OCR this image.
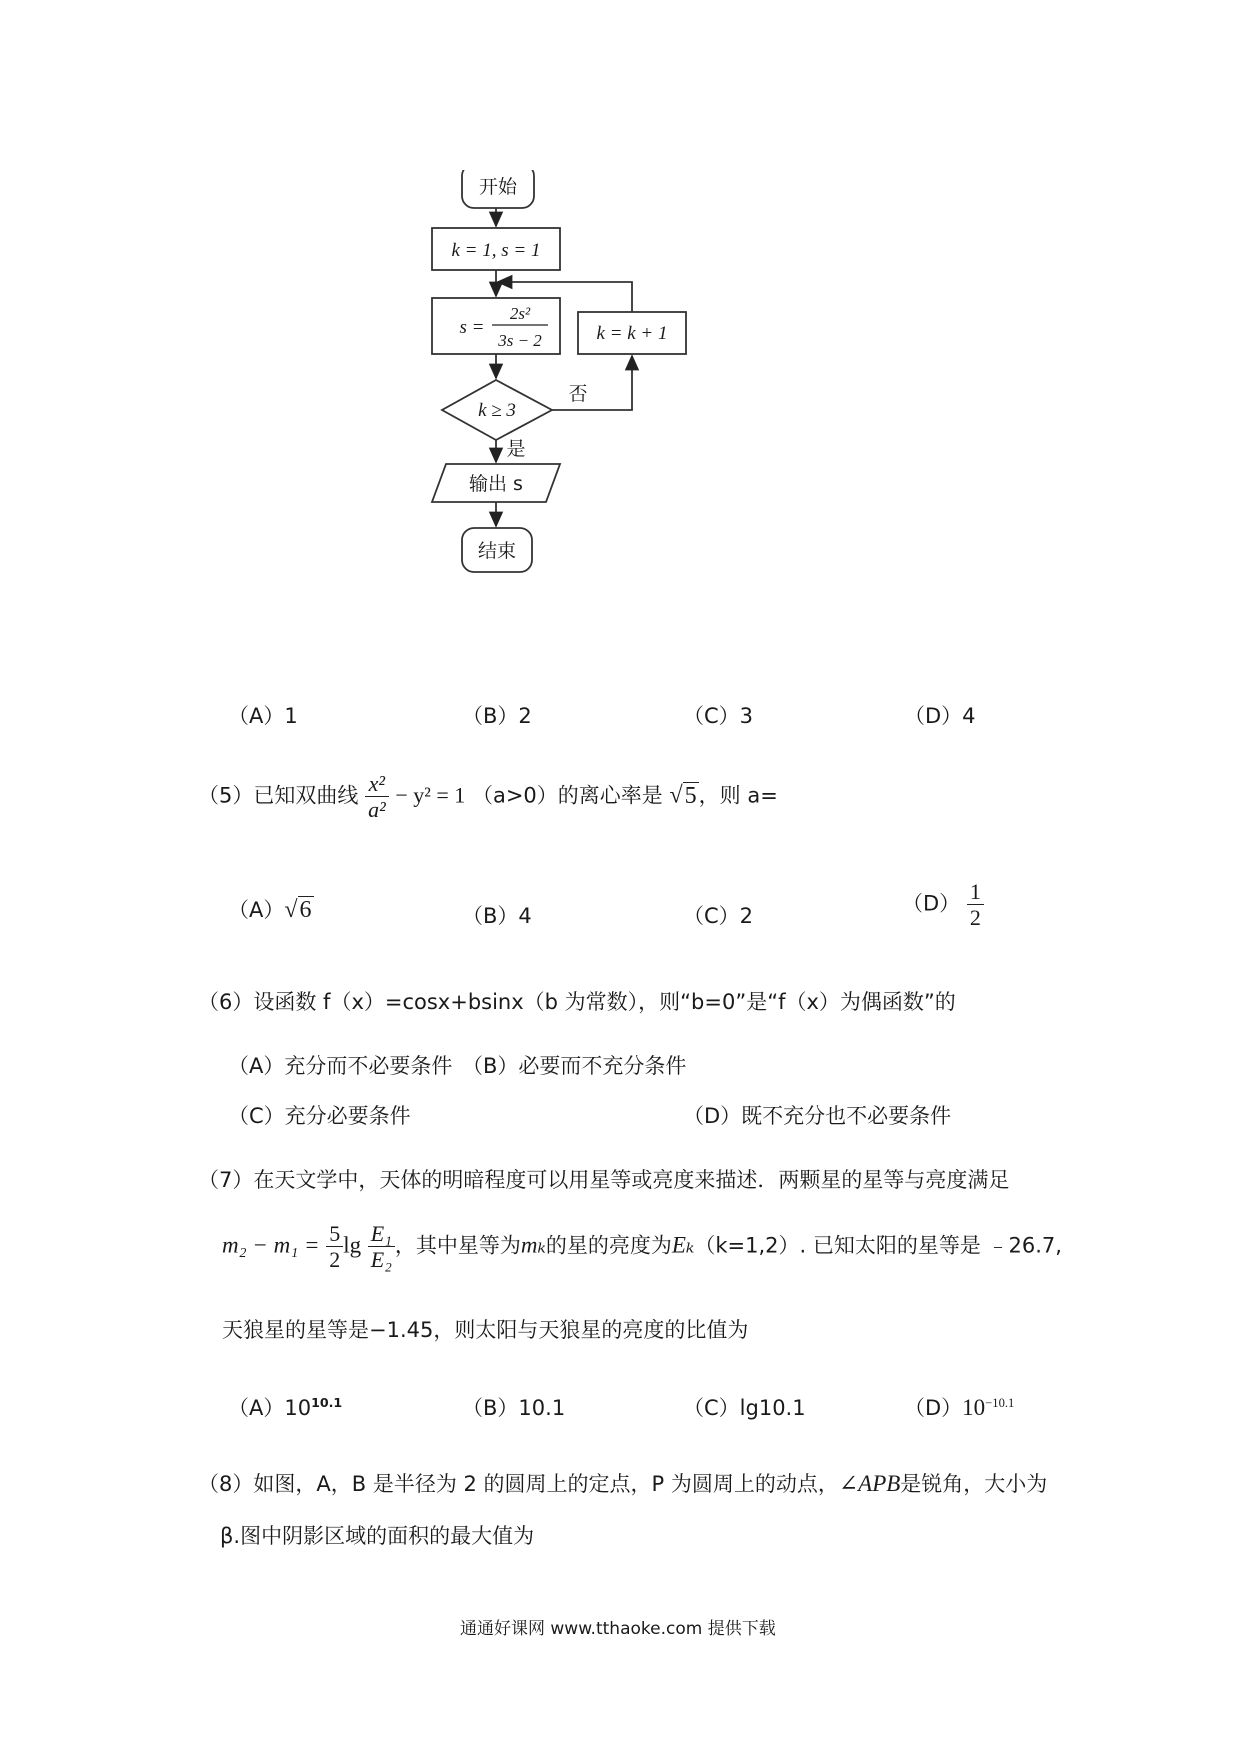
开始
k = 1, s = 1
s =
2s²
3s − 2	k = k + 1
k ≥ 3
否
是
输出 s
结束
（A）1	（B）2	（C）3	（D）4
（5）已知双曲线 $\frac{\text{x²}}{\text{a²}} - y^2 = 1$ （a>0）的离心率是 √5，则 a=
（A）√6	（B）4	（C）2
$(D) \frac{1}{2}$
（6）设函数 f（x）=cosx+bsinx（b 为常数），则“b=0”是“f（x）为偶函数”的
（A）充分而不必要条件 （B）必要而不充分条件
（C）充分必要条件	（D）既不充分也不必要条件
（7）在天文学中，天体的明暗程度可以用星等或亮度来描述．两颗星的星等与亮度满足
$m_2 - m_1 = \frac{5}{2}$ $\lg \frac{\text{E₁}}{\text{E₂}}$ ，其中星等为mₖ的星的亮度为Eₖ（k=1,2）. 已知太阳的星等是 ﹣26.7,
天狼星的星等是−1.45，则太阳与天狼星的亮度的比值为
$(A)10^{10.1}$	（B）10.1	（C）lg10.1	$(D)10^{-10.1}$
（8）如图，A，B 是半径为 2 的圆周上的定点，P 为圆周上的动点，∠APB是锐角，大小为
β.图中阴影区域的面积的最大值为
通通好课网 www.tthaoke.com 提供下载
